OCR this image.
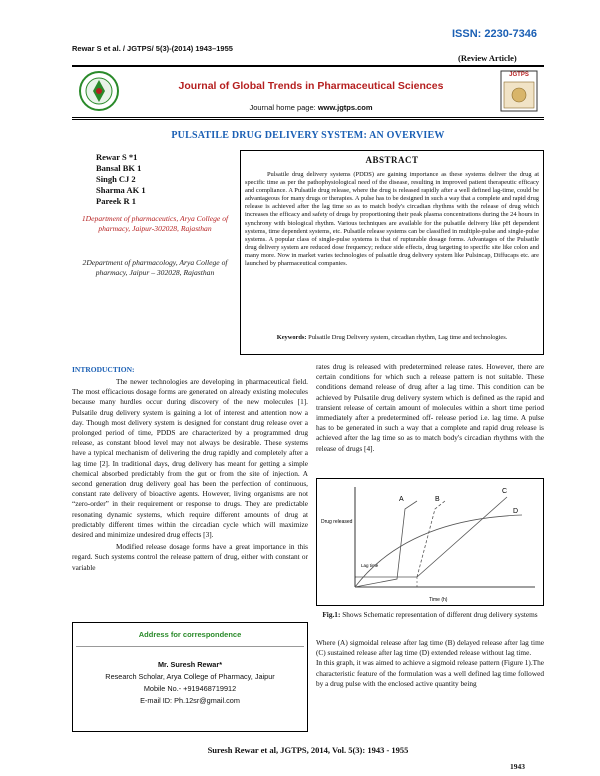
ISSN: 2230-7346
Rewar S et al. / JGTPS/ 5(3)-(2014) 1943–1955
(Review Article)
Journal of Global Trends in Pharmaceutical Sciences
Journal home page: www.jgtps.com
JGTPS
PULSATILE DRUG DELIVERY SYSTEM: AN OVERVIEW
Rewar S *1
Bansal BK 1
Singh CJ 2
Sharma AK 1
Pareek R 1
1Department of pharmaceutics, Arya College of pharmacy, Jaipur-302028, Rajasthan
2Department of pharmacology, Arya College of pharmacy, Jaipur – 302028, Rajasthan
ABSTRACT
Pulsatile drug delivery systems (PDDS) are gaining importance as these systems deliver the drug at specific time as per the pathophysiological need of the disease, resulting in improved patient therapeutic efficacy and compliance. A Pulsatile drug release, where the drug is released rapidly after a well defined lag-time, could be advantageous for many drugs or therapies. A pulse has to be designed in such a way that a complete and rapid drug release is achieved after the lag time so as to match body's circadian rhythms with the release of drug which increases the efficacy and safety of drugs by proportioning their peak plasma concentrations during the 24 hours in synchrony with biological rhythm. Various techniques are available for the pulsatile delivery like pH dependent systems, time dependent systems, etc. Pulsatile release systems can be classified in multiple-pulse and single-pulse systems. A popular class of single-pulse systems is that of rupturable dosage forms. Advantages of the Pulsatile drug delivery system are reduced dose frequency; reduce side effects, drug targeting to specific site like colon and many more. Now in market varies technologies of pulsatile drug delivery system like Pulsincap, Diffucaps etc. are launched by pharmaceutical companies.
Keywords: Pulsatile Drug Delivery system, circadian rhythm, Lag time and technologies.
INTRODUCTION:

The newer technologies are developing in pharmaceutical field. The most efficacious dosage forms are generated on already existing molecules because many hurdles occur during discovery of the new molecules [1]. Pulsatile drug delivery system is gaining a lot of interest and attention now a day. Though most delivery system is designed for constant drug release over a prolonged period of time, PDDS are characterized by a programmed drug release, as constant blood level may not always be desirable. These systems have a typical mechanism of delivering the drug rapidly and completely after a lag time [2]. In traditional days, drug delivery has meant for getting a simple chemical absorbed predictably from the gut or from the site of injection. A second generation drug delivery goal has been the perfection of continuous, constant rate delivery of bioactive agents. However, living organisms are not “zero-order” in their requirement or response to drugs. They are predictable resonating dynamic systems, which require different amounts of drug at predictably different times within the circadian cycle which will maximize desired and minimize undesired drug effects [3].

Modified release dosage forms have a great importance in this regard. Such systems control the release pattern of drug, either with constant or variable

rates drug is released with predetermined release rates. However, there are certain conditions for which such a release pattern is not suitable. These conditions demand release of drug after a lag time. This condition can be achieved by Pulsatile drug delivery system which is defined as the rapid and transient release of certain amount of molecules within a short time period immediately after a predetermined off- release period i.e. lag time. A pulse has to be generated in such a way that a complete and rapid drug release is achieved after the lag time so as to match body's circadian rhythms with the release of drugs [4].
Drug released
Time (h)
Lag time
A	B
C
D
Fig.1: Shows Schematic representation of different drug delivery systems
Where (A) sigmoidal release after lag time (B) delayed release after lag time (C) sustained release after lag time (D) extended release without lag time.
In this graph, it was aimed to achieve a sigmoid release pattern (Figure 1).The characteristic feature of the formulation was a well defined lag time followed by a drug pulse with the enclosed active quantity being
Address for correspondence
Mr. Suresh Rewar*
Research Scholar, Arya College of Pharmacy, Jaipur
Mobile No.- +919468719912
E-mail ID: Ph.12sr@gmail.com
Suresh Rewar et al, JGTPS, 2014, Vol. 5(3): 1943 - 1955
1943
